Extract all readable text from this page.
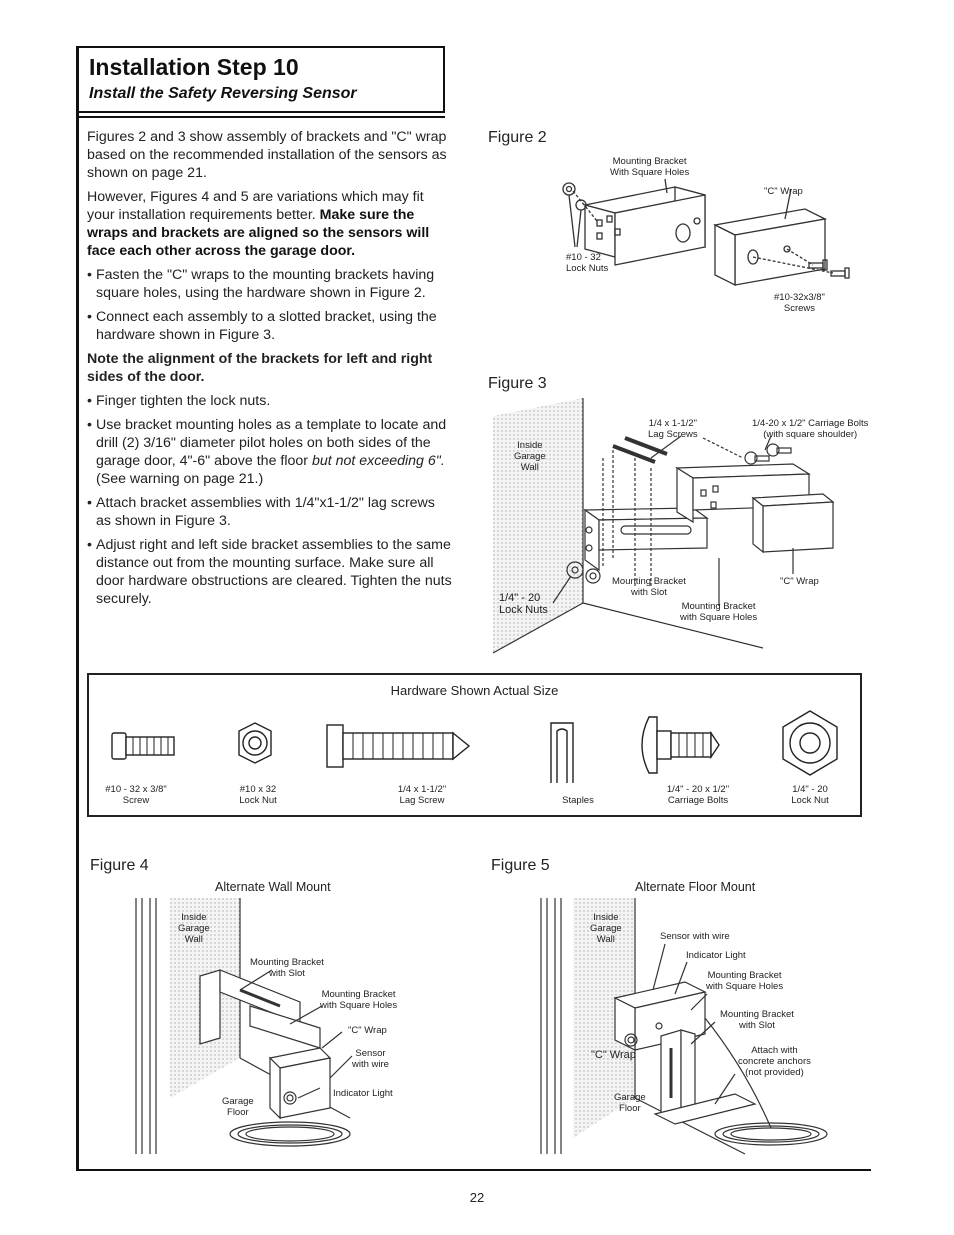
Installation Step 10
Install the Safety Reversing Sensor

Figures 2 and 3 show assembly of brackets and "C" wrap based on the recommended installation of the sensors as shown on page 21.

However, Figures 4 and 5 are variations which may fit your installation requirements better. Make sure the wraps and brackets are aligned so the sensors will face each other across the garage door.

• Fasten the "C" wraps to the mounting brackets having square holes, using the hardware shown in Figure 2.
• Connect each assembly to a slotted bracket, using the hardware shown in Figure 3.
Note the alignment of the brackets for left and right sides of the door.
• Finger tighten the lock nuts.
• Use bracket mounting holes as a template to locate and drill (2) 3/16" diameter pilot holes on both sides of the garage door, 4"-6" above the floor but not exceeding 6". (See warning on page 21.)
• Attach bracket assemblies with 1/4"x1-1/2" lag screws as shown in Figure 3.
• Adjust right and left side bracket assemblies to the same distance out from the mounting surface. Make sure all door hardware obstructions are cleared. Tighten the nuts securely.
Figure 2
Mounting Bracket
With Square Holes
"C" Wrap
#10 - 32
Lock Nuts
#10-32x3/8"
Screws
Figure 3
1/4 x 1-1/2"
Lag Screws
1/4-20 x 1/2" Carriage Bolts
(with square shoulder)
Inside
Garage
Wall
1/4" - 20
Lock Nuts
Mounting Bracket
with Slot
Mounting Bracket
with Square Holes
"C" Wrap
Hardware Shown Actual Size
#10 - 32 x 3/8"
Screw
#10 x 32
Lock Nut
1/4 x 1-1/2"
Lag Screw	Staples
1/4" - 20 x 1/2"
Carriage Bolts
1/4" - 20
Lock Nut
Figure 4
Alternate Wall Mount
Inside
Garage
Wall
Mounting Bracket
with Slot
Mounting Bracket
with Square Holes
"C" Wrap
Sensor
with wire
Indicator Light
Garage
Floor
Figure 5
Alternate Floor Mount
Inside
Garage
Wall	Sensor with wire
Indicator Light
Mounting Bracket
with Square Holes
Mounting Bracket
with Slot
Attach with
concrete anchors
(not provided)
"C" Wrap
Garage
Floor
22
